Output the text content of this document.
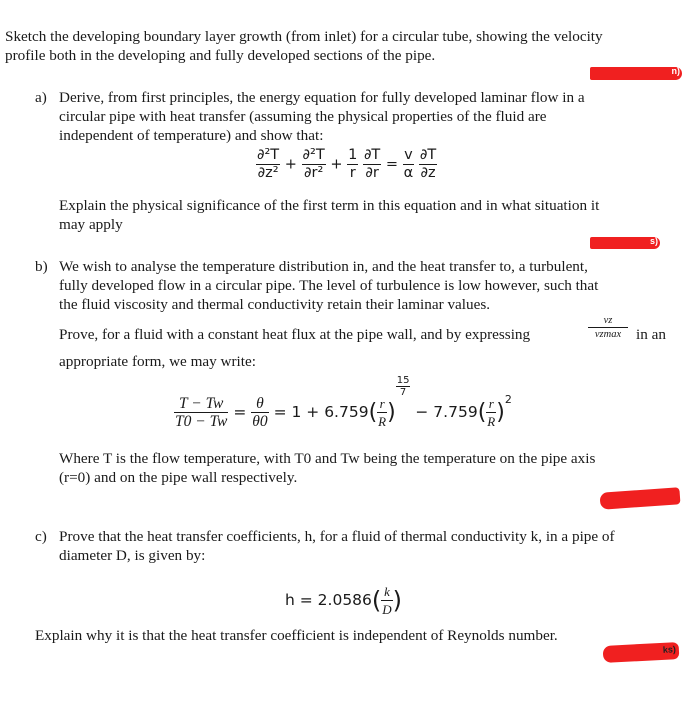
Sketch the developing boundary layer growth (from inlet) for a circular tube, showing the velocity
profile both in the developing and fully developed sections of the pipe.
n)
a) Derive, from first principles, the energy equation for fully developed laminar flow in a
circular pipe with heat transfer (assuming the physical properties of the fluid are
independent of temperature) and show that:
$\frac{\text{∂²T}}{\text{∂z²}} + \frac{\text{∂²T}}{\text{∂r²}} + \frac{1}{r}$
$\frac{\partial T}{\partial r} = \frac{v}{\alpha}$
$\frac{\partial T}{\partial z}$
Explain the physical significance of the first term in this equation and in what situation it
may apply
s)
b) We wish to analyse the temperature distribution in, and the heat transfer to, a turbulent,
fully developed flow in a circular pipe. The level of turbulence is low however, such that
the fluid viscosity and thermal conductivity retain their laminar values.
Prove, for a fluid with a constant heat flux at the pipe wall, and by expressing
vz
vzmax in an
appropriate form, we may write:
$\frac{T - Tw}{T0 - Tw} = \frac{\theta}{\theta 0} = 1 + 6.759( \frac{r}{R}$ )
$\frac{15}{7}$
− $7.759( \frac{r}{R} )^2$
Where T is the flow temperature, with T0 and Tw being the temperature on the pipe axis
(r=0) and on the pipe wall respectively.
c) Prove that the heat transfer coefficients, h, for a fluid of thermal conductivity k, in a pipe of
diameter D, is given by:
$h = 2.0586( \frac{k}{D}$ )
Explain why it is that the heat transfer coefficient is independent of Reynolds number.
ks)
